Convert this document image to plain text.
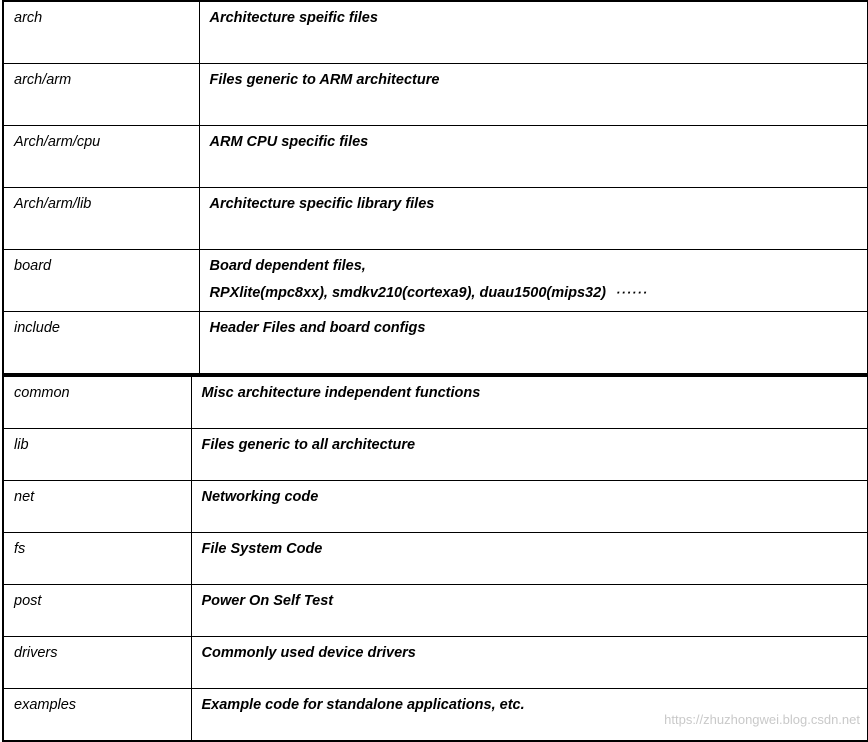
arch	Architecture speific files
arch/arm	Files generic to ARM architecture
Arch/arm/cpu	ARM CPU specific files
Arch/arm/lib	Architecture specific library files
board	Board dependent files,
RPXlite(mpc8xx), smdkv210(cortexa9), duau1500(mips32) ······

include	Header Files and board configs
common	Misc architecture independent functions
lib	Files generic to all architecture
net	Networking code
fs	File System Code
post	Power On Self Test
drivers	Commonly used device drivers
examples	Example code for standalone applications, etc.
https://zhuzhongwei.blog.csdn.net
